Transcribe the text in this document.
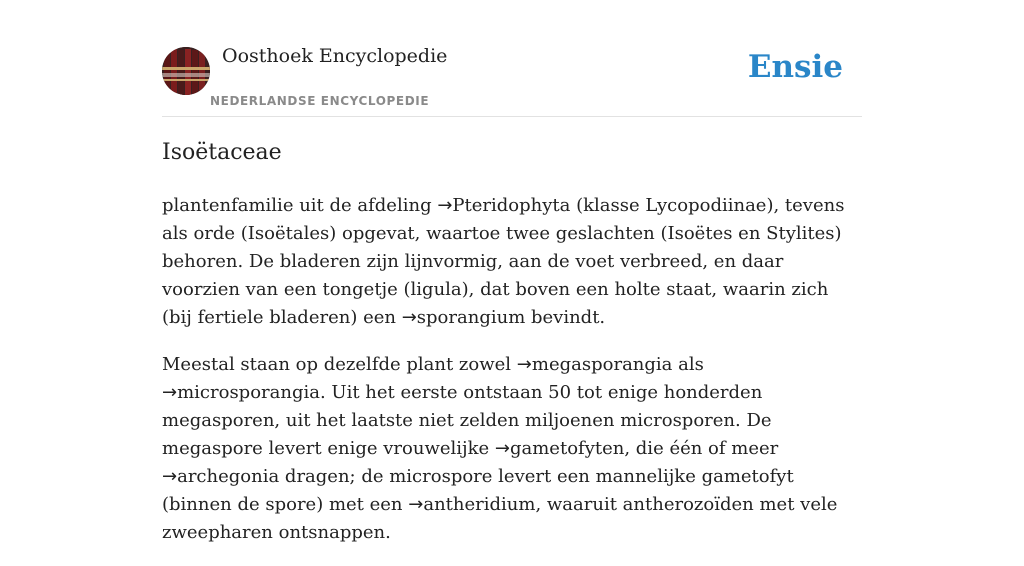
Oosthoek Encyclopedie
NEDERLANDSE ENCYCLOPEDIE
Ensie
Isoëtaceae

plantenfamilie uit de afdeling →Pteridophyta (klasse Lycopodiinae), tevens als orde (Isoëtales) opgevat, waartoe twee geslachten (Isoëtes en Stylites) behoren. De bladeren zijn lijnvormig, aan de voet verbreed, en daar voorzien van een tongetje (ligula), dat boven een holte staat, waarin zich (bij fertiele bladeren) een →sporangium bevindt.

Meestal staan op dezelfde plant zowel →megasporangia als →microsporangia. Uit het eerste ontstaan 50 tot enige honderden megasporen, uit het laatste niet zelden miljoenen microsporen. De megaspore levert enige vrouwelijke →gametofyten, die één of meer →archegonia dragen; de microspore levert een mannelijke gametofyt (binnen de spore) met een →antheridium, waaruit antherozoïden met vele zweepharen ontsnappen.
